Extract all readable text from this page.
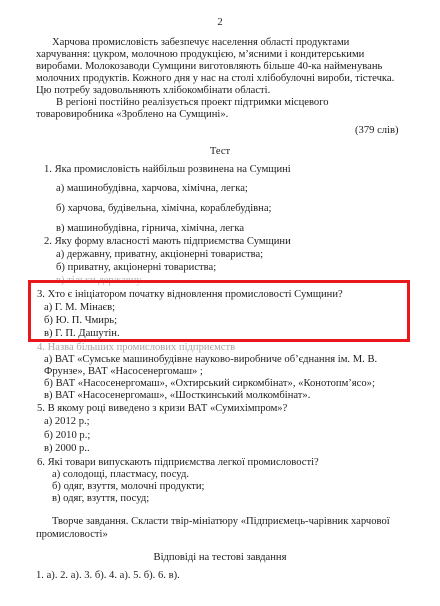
2
Харчова промисловість забезпечує населення області продуктами
харчування: цукром, молочною продукцією, м’ясними і кондитерськими
виробами. Молокозаводи Сумщини виготовляють більше 40-ка найменувань
молочних продуктів. Кожного дня у нас на столі хлібобулочні вироби, тістечка.
Цю потребу задовольняють хлібокомбінати області.
В регіоні постійно реалізується проект підтримки місцевого
товаровиробника «Зроблено на Сумщині».
(379 слів)
Тест
1. Яка промисловість найбільш розвинена на Сумщині
а) машинобудівна, харчова, хімічна, легка;
б) харчова, будівельна, хімічна, кораблебудівна;
в) машинобудівна, гірнича, хімічна, легка
2. Яку форму власності мають підприємства Сумщини
а) державну, приватну, акціонерні товариства;
б) приватну, акціонерні товариства;
в) тільки державну.
3. Хто є ініціатором початку відновлення промисловості Сумщини?
а) Г. М. Мінаєв;
б) Ю. П. Чмирь;
в) Г. П. Дашутін.
4. Назва більших промислових підприємств
а) ВАТ «Сумське машинобудівне науково-виробниче об’єднання ім. М. В.
Фрунзе», ВАТ «Насосенергомаш» ;
б) ВАТ «Насосенергомаш», «Охтирський сиркомбінат», «Конотопм’ясо»;
в) ВАТ «Насосенергомаш», «Шосткинський молкомбінат».
5. В якому році виведено з кризи ВАТ «Сумихімпром»?
а) 2012 р.;
б) 2010 р.;
в) 2000 р..
6. Які товари випускають підприємства легкої промисловості?
а) солодощі, пластмасу, посуд.
б) одяг, взуття, молочні продукти;
в) одяг, взуття, посуд;
Творче завдання. Скласти твір-мініатюру «Підприємець-чарівник харчової
промисловості»
Відповіді на тестові завдання
1. а). 2. а). 3. б). 4. а). 5. б). 6. в).
